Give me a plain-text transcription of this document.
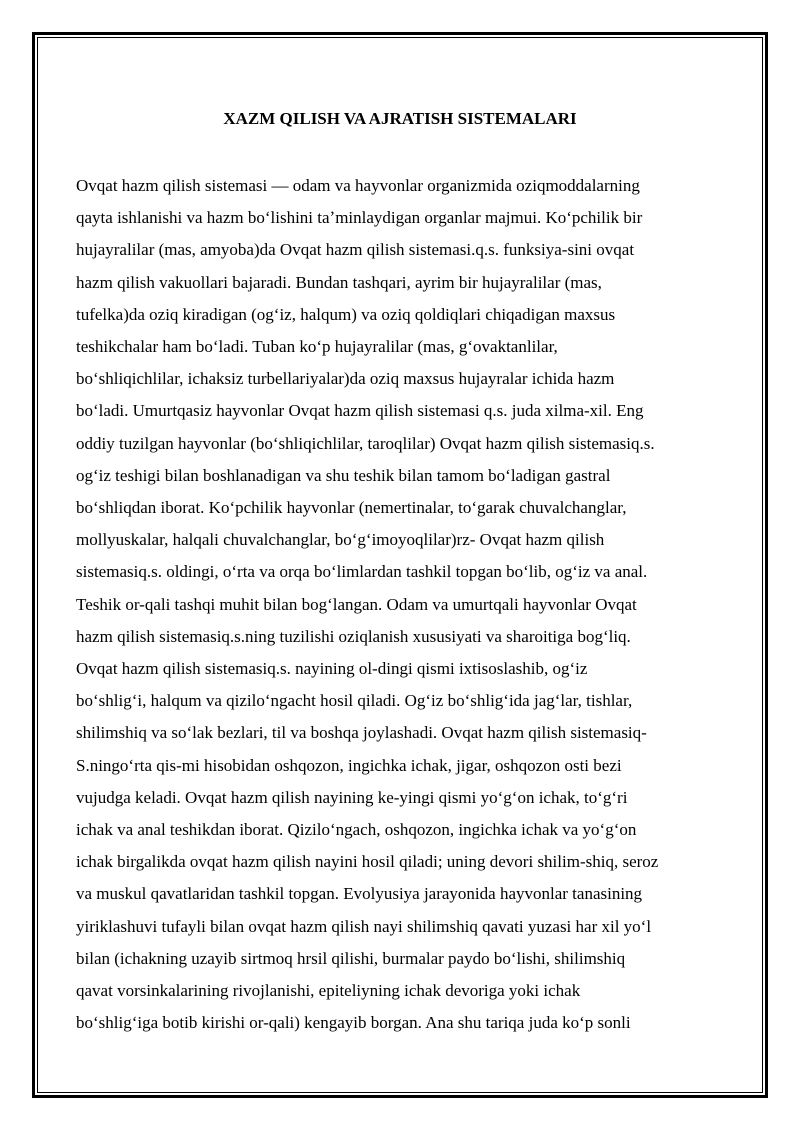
XAZM QILISH VA AJRATISH SISTEMALARI
Ovqat hazm qilish sistemasi — odam va hayvonlar organizmida oziqmoddalarning
qayta ishlanishi va hazm boʻlishini taʼminlaydigan organlar majmui. Koʻpchilik bir
hujayralilar (mas, amyoba)da Ovqat hazm qilish sistemasi.q.s. funksiya-sini ovqat
hazm qilish vakuollari bajaradi. Bundan tashqari, ayrim bir hujayralilar (mas,
tufelka)da oziq kiradigan (ogʻiz, halqum) va oziq qoldiqlari chiqadigan maxsus
teshikchalar ham boʻladi. Tuban koʻp hujayralilar (mas, gʻovaktanlilar,
boʻshliqichlilar, ichaksiz turbellariyalar)da oziq maxsus hujayralar ichida hazm
boʻladi. Umurtqasiz hayvonlar Ovqat hazm qilish sistemasi q.s. juda xilma-xil. Eng
oddiy tuzilgan hayvonlar (boʻshliqichlilar, taroqlilar) Ovqat hazm qilish sistemasiq.s.
ogʻiz teshigi bilan boshlanadigan va shu teshik bilan tamom boʻladigan gastral
boʻshliqdan iborat. Koʻpchilik hayvonlar (nemertinalar, toʻgarak chuvalchanglar,
mollyuskalar, halqali chuvalchanglar, boʻgʻimoyoqlilar)rz- Ovqat hazm qilish
sistemasiq.s. oldingi, oʻrta va orqa boʻlimlardan tashkil topgan boʻlib, ogʻiz va anal.
Teshik or-qali tashqi muhit bilan bogʻlangan. Odam va umurtqali hayvonlar Ovqat
hazm qilish sistemasiq.s.ning tuzilishi oziqlanish xususiyati va sharoitiga bogʻliq.
Ovqat hazm qilish sistemasiq.s. nayining ol-dingi qismi ixtisoslashib, ogʻiz
boʻshligʻi, halqum va qiziloʻngacht hosil qiladi. Ogʻiz boʻshligʻida jagʻlar, tishlar,
shilimshiq va soʻlak bezlari, til va boshqa joylashadi. Ovqat hazm qilish sistemasiq-
S.ningoʻrta qis-mi hisobidan oshqozon, ingichka ichak, jigar, oshqozon osti bezi
vujudga keladi. Ovqat hazm qilish nayining ke-yingi qismi yoʻgʻon ichak, toʻgʻri
ichak va anal teshikdan iborat. Qiziloʻngach, oshqozon, ingichka ichak va yoʻgʻon
ichak birgalikda ovqat hazm qilish nayini hosil qiladi; uning devori shilim-shiq, seroz
va muskul qavatlaridan tashkil topgan. Evolyusiya jarayonida hayvonlar tanasining
yiriklashuvi tufayli bilan ovqat hazm qilish nayi shilimshiq qavati yuzasi har xil yoʻl
bilan (ichakning uzayib sirtmoq hrsil qilishi, burmalar paydo boʻlishi, shilimshiq
qavat vorsinkalarining rivojlanishi, epiteliyning ichak devoriga yoki ichak
boʻshligʻiga botib kirishi or-qali) kengayib borgan. Ana shu tariqa juda koʻp sonli
